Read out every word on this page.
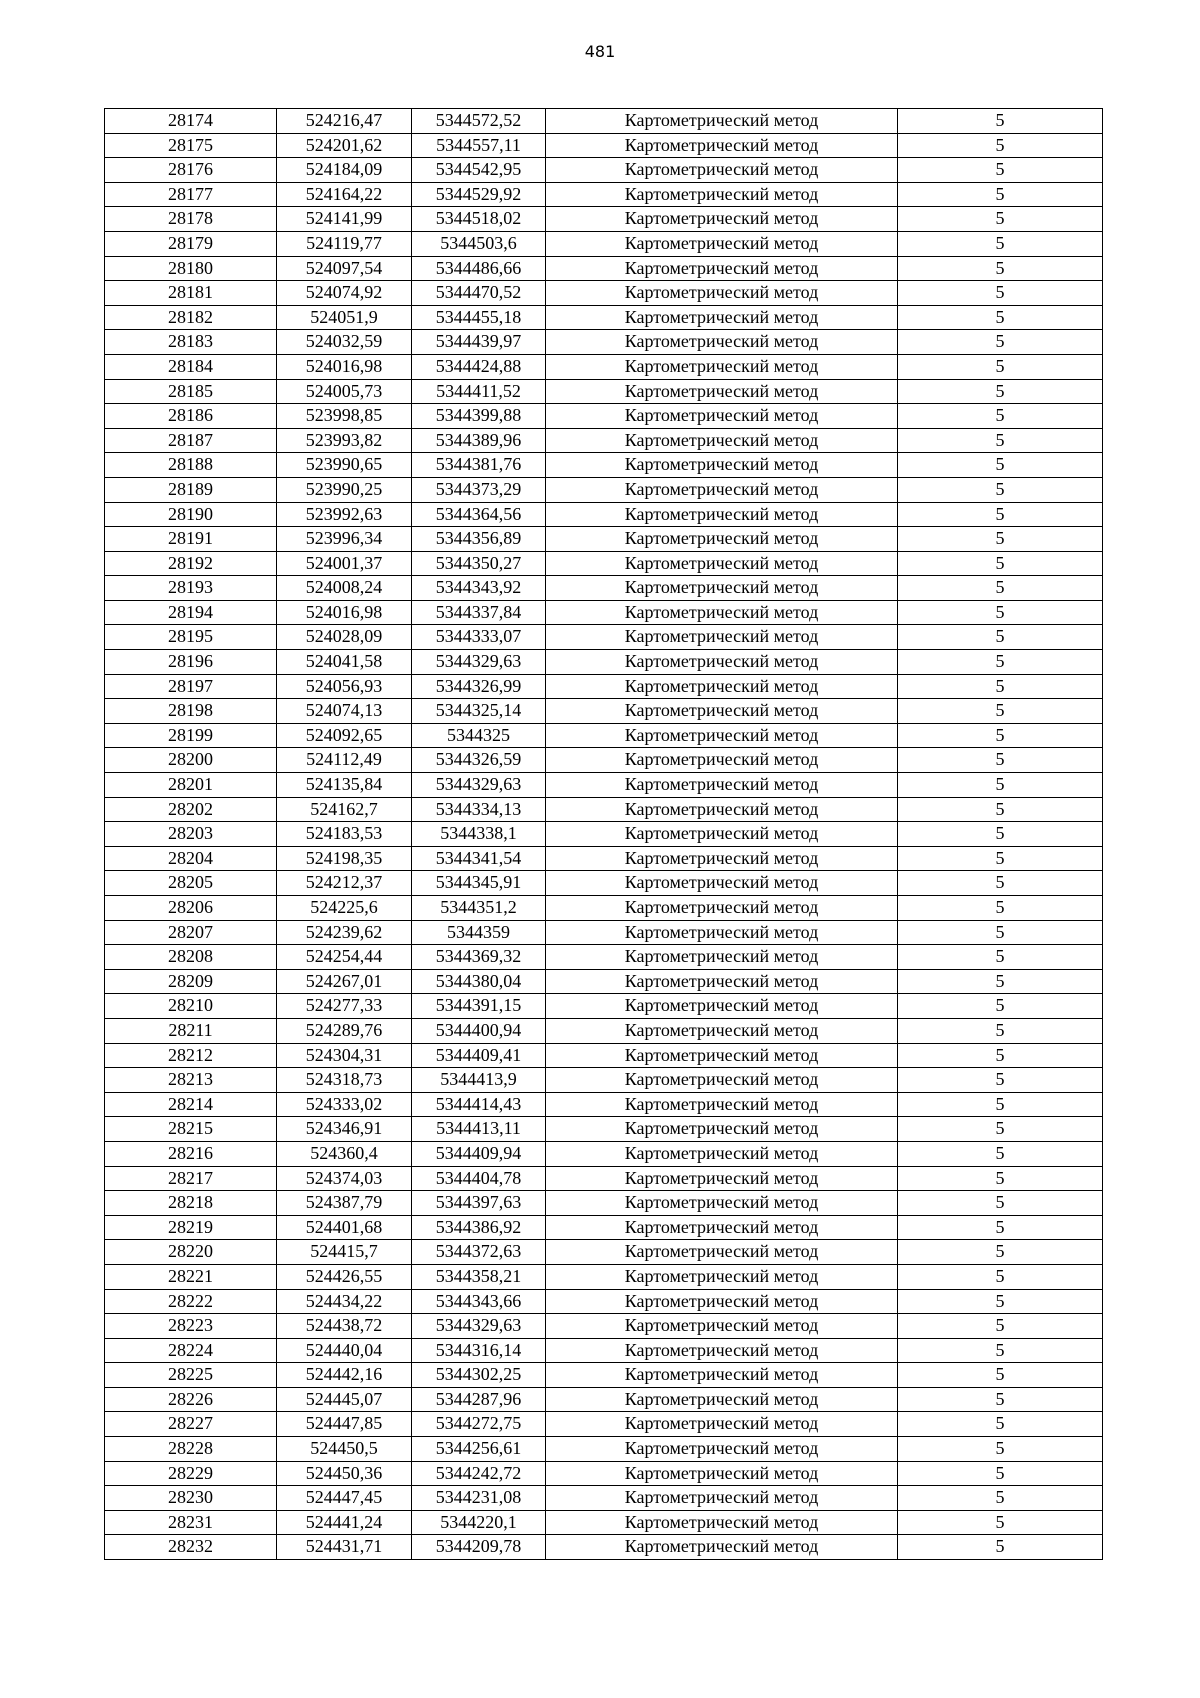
481
28174	524216,47	5344572,52	Картометрический метод	5
28175	524201,62	5344557,11	Картометрический метод	5
28176	524184,09	5344542,95	Картометрический метод	5
28177	524164,22	5344529,92	Картометрический метод	5
28178	524141,99	5344518,02	Картометрический метод	5
28179	524119,77	5344503,6	Картометрический метод	5
28180	524097,54	5344486,66	Картометрический метод	5
28181	524074,92	5344470,52	Картометрический метод	5
28182	524051,9	5344455,18	Картометрический метод	5
28183	524032,59	5344439,97	Картометрический метод	5
28184	524016,98	5344424,88	Картометрический метод	5
28185	524005,73	5344411,52	Картометрический метод	5
28186	523998,85	5344399,88	Картометрический метод	5
28187	523993,82	5344389,96	Картометрический метод	5
28188	523990,65	5344381,76	Картометрический метод	5
28189	523990,25	5344373,29	Картометрический метод	5
28190	523992,63	5344364,56	Картометрический метод	5
28191	523996,34	5344356,89	Картометрический метод	5
28192	524001,37	5344350,27	Картометрический метод	5
28193	524008,24	5344343,92	Картометрический метод	5
28194	524016,98	5344337,84	Картометрический метод	5
28195	524028,09	5344333,07	Картометрический метод	5
28196	524041,58	5344329,63	Картометрический метод	5
28197	524056,93	5344326,99	Картометрический метод	5
28198	524074,13	5344325,14	Картометрический метод	5
28199	524092,65	5344325	Картометрический метод	5
28200	524112,49	5344326,59	Картометрический метод	5
28201	524135,84	5344329,63	Картометрический метод	5
28202	524162,7	5344334,13	Картометрический метод	5
28203	524183,53	5344338,1	Картометрический метод	5
28204	524198,35	5344341,54	Картометрический метод	5
28205	524212,37	5344345,91	Картометрический метод	5
28206	524225,6	5344351,2	Картометрический метод	5
28207	524239,62	5344359	Картометрический метод	5
28208	524254,44	5344369,32	Картометрический метод	5
28209	524267,01	5344380,04	Картометрический метод	5
28210	524277,33	5344391,15	Картометрический метод	5
28211	524289,76	5344400,94	Картометрический метод	5
28212	524304,31	5344409,41	Картометрический метод	5
28213	524318,73	5344413,9	Картометрический метод	5
28214	524333,02	5344414,43	Картометрический метод	5
28215	524346,91	5344413,11	Картометрический метод	5
28216	524360,4	5344409,94	Картометрический метод	5
28217	524374,03	5344404,78	Картометрический метод	5
28218	524387,79	5344397,63	Картометрический метод	5
28219	524401,68	5344386,92	Картометрический метод	5
28220	524415,7	5344372,63	Картометрический метод	5
28221	524426,55	5344358,21	Картометрический метод	5
28222	524434,22	5344343,66	Картометрический метод	5
28223	524438,72	5344329,63	Картометрический метод	5
28224	524440,04	5344316,14	Картометрический метод	5
28225	524442,16	5344302,25	Картометрический метод	5
28226	524445,07	5344287,96	Картометрический метод	5
28227	524447,85	5344272,75	Картометрический метод	5
28228	524450,5	5344256,61	Картометрический метод	5
28229	524450,36	5344242,72	Картометрический метод	5
28230	524447,45	5344231,08	Картометрический метод	5
28231	524441,24	5344220,1	Картометрический метод	5
28232	524431,71	5344209,78	Картометрический метод	5
